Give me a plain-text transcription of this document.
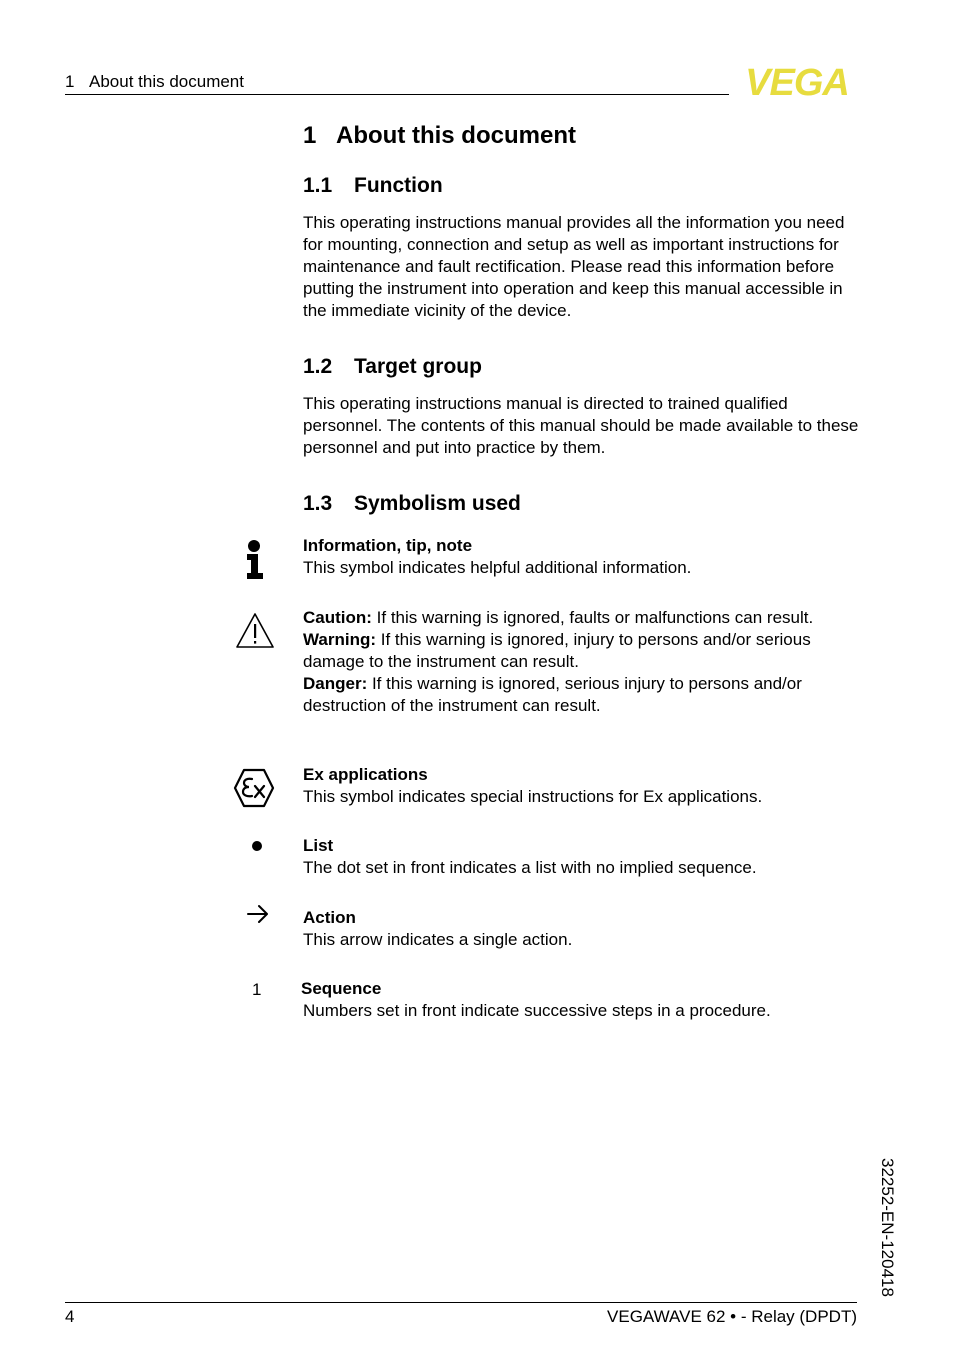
1 About this document	VEGA
1 About this document
1.1 Function

This operating instructions manual provides all the information you need for mounting, connection and setup as well as important instructions for maintenance and fault rectification. Please read this information before putting the instrument into operation and keep this manual accessible in the immediate vicinity of the device.

1.2 Target group

This operating instructions manual is directed to trained qualified personnel. The contents of this manual should be made available to these personnel and put into practice by them.

1.3 Symbolism used
Information, tip, note
This symbol indicates helpful additional information.
Caution: If this warning is ignored, faults or malfunctions can result.
Warning: If this warning is ignored, injury to persons and/or serious damage to the instrument can result.
Danger: If this warning is ignored, serious injury to persons and/or destruction of the instrument can result.
Ex applications
This symbol indicates special instructions for Ex applications.
List
The dot set in front indicates a list with no implied sequence.
Action
This arrow indicates a single action.
1 Sequence
Numbers set in front indicate successive steps in a procedure.
32252-EN-120418
4	VEGAWAVE 62 • - Relay (DPDT)
